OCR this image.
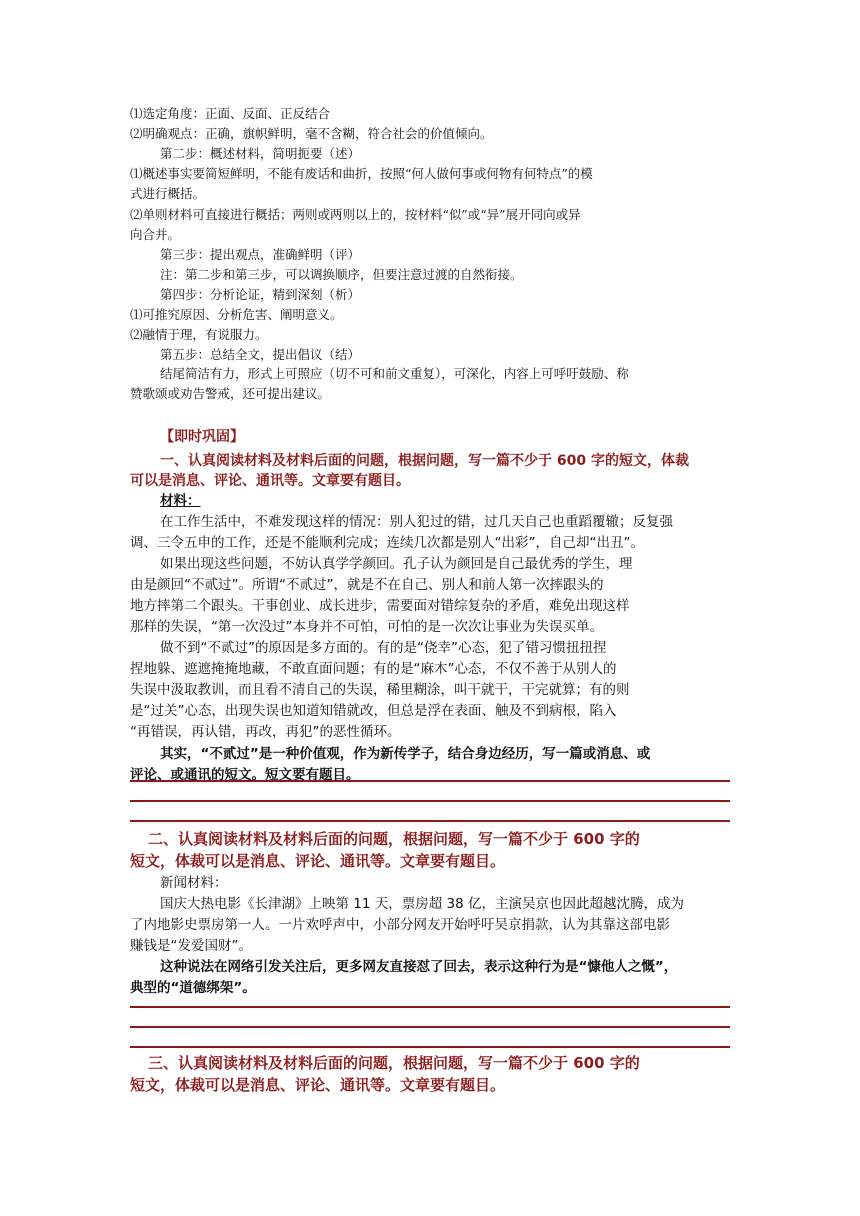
⑴选定角度：正面、反面、正反结合
⑵明确观点：正确，旗帜鲜明，毫不含糊，符合社会的价值倾向。
第二步：概述材料，简明扼要（述）
⑴概述事实要简短鲜明，不能有废话和曲折，按照“何人做何事或何物有何特点”的模
式进行概括。
⑵单则材料可直接进行概括；两则或两则以上的，按材料“似”或“异”展开同向或异
向合并。
第三步：提出观点，准确鲜明（评）
注：第二步和第三步，可以调换顺序，但要注意过渡的自然衔接。
第四步：分析论证，精到深刻（析）
⑴可推究原因、分析危害、阐明意义。
⑵融情于理，有说服力。
第五步：总结全文，提出倡议（结）
结尾简洁有力，形式上可照应（切不可和前文重复），可深化，内容上可呼吁鼓励、称
赞歌颂或劝告警戒，还可提出建议。
【即时巩固】
一、认真阅读材料及材料后面的问题，根据问题，写一篇不少于 600 字的短文，体裁
可以是消息、评论、通讯等。文章要有题目。
材料：
在工作生活中，不难发现这样的情况：别人犯过的错，过几天自己也重蹈覆辙；反复强
调、三令五申的工作，还是不能顺利完成；连续几次都是别人“出彩”，自己却“出丑”。
如果出现这些问题，不妨认真学学颜回。孔子认为颜回是自己最优秀的学生，理
由是颜回“不贰过”。所谓“不贰过”，就是不在自己、别人和前人第一次摔跟头的
地方摔第二个跟头。干事创业、成长进步，需要面对错综复杂的矛盾，难免出现这样
那样的失误，“第一次没过”本身并不可怕，可怕的是一次次让事业为失误买单。
做不到“不贰过”的原因是多方面的。有的是“侥幸”心态，犯了错习惯扭扭捏
捏地躲、遮遮掩掩地藏，不敢直面问题；有的是“麻木”心态，不仅不善于从别人的
失误中汲取教训，而且看不清自己的失误，稀里糊涂，叫干就干，干完就算；有的则
是“过关”心态，出现失误也知道知错就改，但总是浮在表面、触及不到病根，陷入
“再错误，再认错，再改，再犯”的恶性循环。
其实，“不贰过”是一种价值观，作为新传学子，结合身边经历，写一篇或消息、或
评论、或通讯的短文。短文要有题目。
二、认真阅读材料及材料后面的问题，根据问题，写一篇不少于 600 字的
短文，体裁可以是消息、评论、通讯等。文章要有题目。
新闻材料：
国庆大热电影《长津湖》上映第 11 天，票房超 38 亿，主演吴京也因此超越沈腾，成为
了内地影史票房第一人。一片欢呼声中，小部分网友开始呼吁吴京捐款，认为其靠这部电影
赚钱是“发爱国财”。
这种说法在网络引发关注后，更多网友直接怼了回去，表示这种行为是“慷他人之慨”，
典型的“道德绑架”。
三、认真阅读材料及材料后面的问题，根据问题，写一篇不少于 600 字的
短文，体裁可以是消息、评论、通讯等。文章要有题目。
